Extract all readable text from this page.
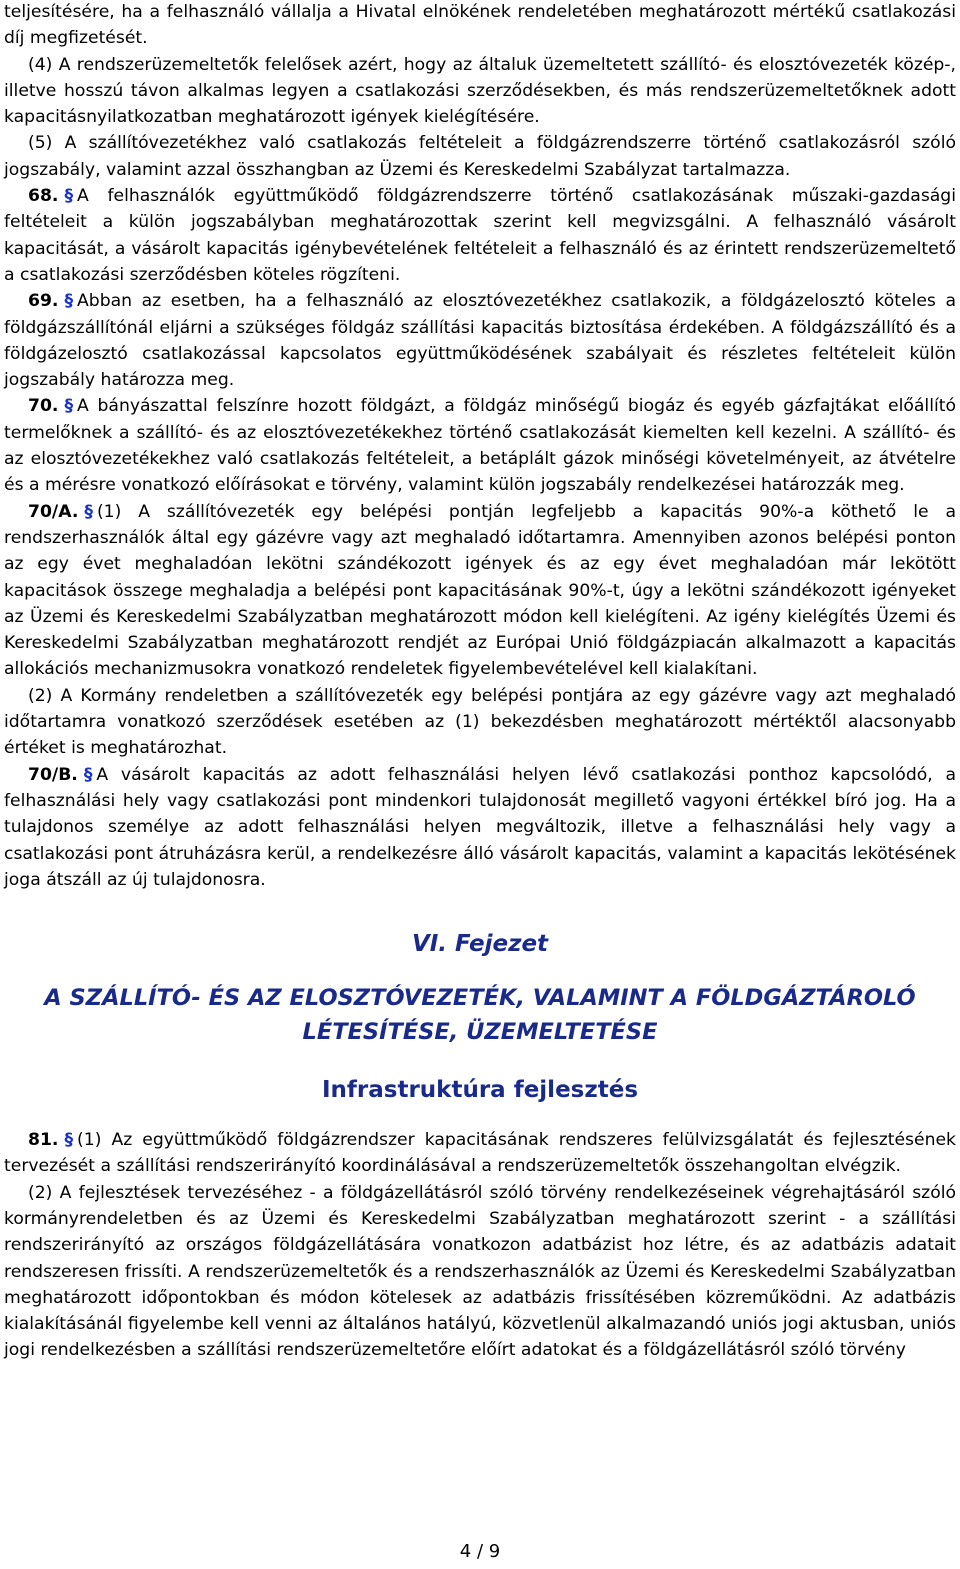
teljesítésére, ha a felhasználó vállalja a Hivatal elnökének rendeletében meghatározott mértékű csatlakozási díj megfizetését.

(4) A rendszerüzemeltetők felelősek azért, hogy az általuk üzemeltetett szállító- és elosztóvezeték közép-, illetve hosszú távon alkalmas legyen a csatlakozási szerződésekben, és más rendszerüzemeltetőknek adott kapacitásnyilatkozatban meghatározott igények kielégítésére.

(5) A szállítóvezetékhez való csatlakozás feltételeit a földgázrendszerre történő csatlakozásról szóló jogszabály, valamint azzal összhangban az Üzemi és Kereskedelmi Szabályzat tartalmazza.

68. § A felhasználók együttműködő földgázrendszerre történő csatlakozásának műszaki-gazdasági feltételeit a külön jogszabályban meghatározottak szerint kell megvizsgálni. A felhasználó vásárolt kapacitását, a vásárolt kapacitás igénybevételének feltételeit a felhasználó és az érintett rendszerüzemeltető a csatlakozási szerződésben köteles rögzíteni.

69. § Abban az esetben, ha a felhasználó az elosztóvezetékhez csatlakozik, a földgázelosztó köteles a földgázszállítónál eljárni a szükséges földgáz szállítási kapacitás biztosítása érdekében. A földgázszállító és a földgázelosztó csatlakozással kapcsolatos együttműködésének szabályait és részletes feltételeit külön jogszabály határozza meg.

70. § A bányászattal felszínre hozott földgázt, a földgáz minőségű biogáz és egyéb gázfajtákat előállító termelőknek a szállító- és az elosztóvezetékekhez történő csatlakozását kiemelten kell kezelni. A szállító- és az elosztóvezetékekhez való csatlakozás feltételeit, a betáplált gázok minőségi követelményeit, az átvételre és a mérésre vonatkozó előírásokat e törvény, valamint külön jogszabály rendelkezései határozzák meg.

70/A. § (1) A szállítóvezeték egy belépési pontján legfeljebb a kapacitás 90%-a köthető le a rendszerhasználók által egy gázévre vagy azt meghaladó időtartamra. Amennyiben azonos belépési ponton az egy évet meghaladóan lekötni szándékozott igények és az egy évet meghaladóan már lekötött kapacitások összege meghaladja a belépési pont kapacitásának 90%-t, úgy a lekötni szándékozott igényeket az Üzemi és Kereskedelmi Szabályzatban meghatározott módon kell kielégíteni. Az igény kielégítés Üzemi és Kereskedelmi Szabályzatban meghatározott rendjét az Európai Unió földgázpiacán alkalmazott a kapacitás allokációs mechanizmusokra vonatkozó rendeletek figyelembevételével kell kialakítani.

(2) A Kormány rendeletben a szállítóvezeték egy belépési pontjára az egy gázévre vagy azt meghaladó időtartamra vonatkozó szerződések esetében az (1) bekezdésben meghatározott mértéktől alacsonyabb értéket is meghatározhat.

70/B. § A vásárolt kapacitás az adott felhasználási helyen lévő csatlakozási ponthoz kapcsolódó, a felhasználási hely vagy csatlakozási pont mindenkori tulajdonosát megillető vagyoni értékkel bíró jog. Ha a tulajdonos személye az adott felhasználási helyen megváltozik, illetve a felhasználási hely vagy a csatlakozási pont átruházásra kerül, a rendelkezésre álló vásárolt kapacitás, valamint a kapacitás lekötésének joga átszáll az új tulajdonosra.

VI. Fejezet

A SZÁLLÍTÓ- ÉS AZ ELOSZTÓVEZETÉK, VALAMINT A FÖLDGÁZTÁROLÓ LÉTESÍTÉSE, ÜZEMELTETÉSE

Infrastruktúra fejlesztés

81. § (1) Az együttműködő földgázrendszer kapacitásának rendszeres felülvizsgálatát és fejlesztésének tervezését a szállítási rendszerirányító koordinálásával a rendszerüzemeltetők összehangoltan elvégzik.

(2) A fejlesztések tervezéséhez - a földgázellátásról szóló törvény rendelkezéseinek végrehajtásáról szóló kormányrendeletben és az Üzemi és Kereskedelmi Szabályzatban meghatározott szerint - a szállítási rendszerirányító az országos földgázellátására vonatkozon adatbázist hoz létre, és az adatbázis adatait rendszeresen frissíti. A rendszerüzemeltetők és a rendszerhasználók az Üzemi és Kereskedelmi Szabályzatban meghatározott időpontokban és módon kötelesek az adatbázis frissítésében közreműködni. Az adatbázis kialakításánál figyelembe kell venni az általános hatályú, közvetlenül alkalmazandó uniós jogi aktusban, uniós jogi rendelkezésben a szállítási rendszerüzemeltetőre előírt adatokat és a földgázellátásról szóló törvény

4 / 9
